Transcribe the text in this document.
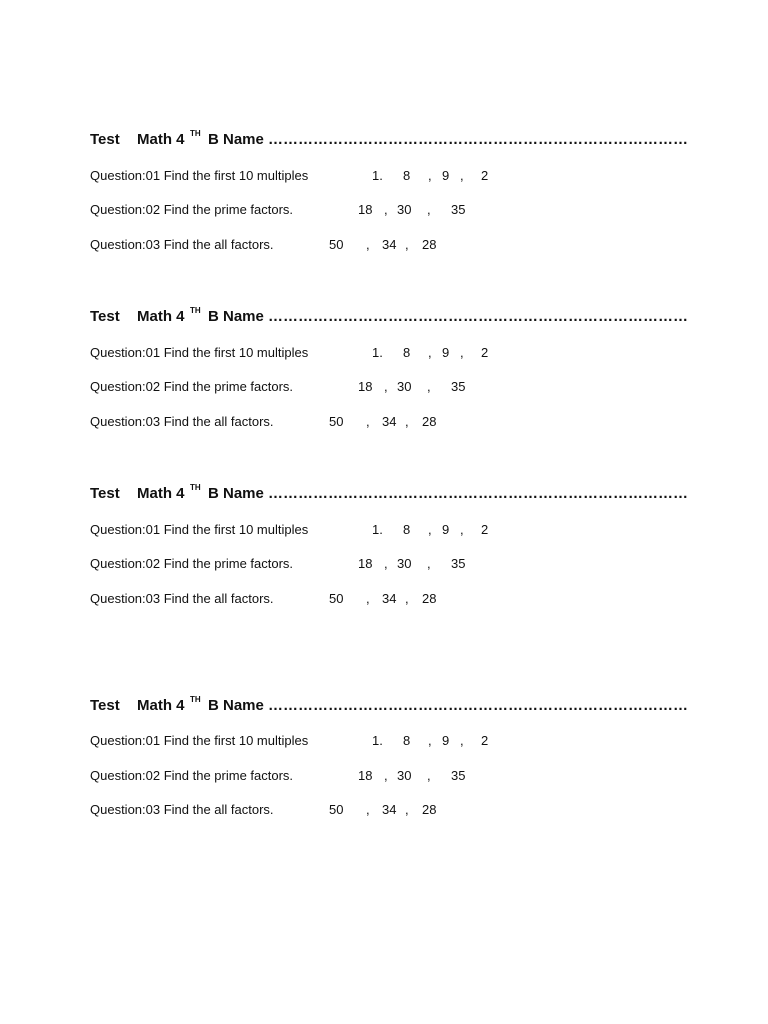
Test Math 4 TH B Name …………………………………………………………………………
Question:01 Find the first 10 multiples	1. 8 , 9 , 2
Question:02 Find the prime factors.	18 , 30 , 35
Question:03 Find the all factors.	50 , 34 , 28
Test Math 4 TH B Name …………………………………………………………………………
Question:01 Find the first 10 multiples	1. 8 , 9 , 2
Question:02 Find the prime factors.	18 , 30 , 35
Question:03 Find the all factors.	50 , 34 , 28
Test Math 4 TH B Name …………………………………………………………………………
Question:01 Find the first 10 multiples	1. 8 , 9 , 2
Question:02 Find the prime factors.	18 , 30 , 35
Question:03 Find the all factors.	50 , 34 , 28
Test Math 4 TH B Name …………………………………………………………………………
Question:01 Find the first 10 multiples	1. 8 , 9 , 2
Question:02 Find the prime factors.	18 , 30 , 35
Question:03 Find the all factors.	50 , 34 , 28
